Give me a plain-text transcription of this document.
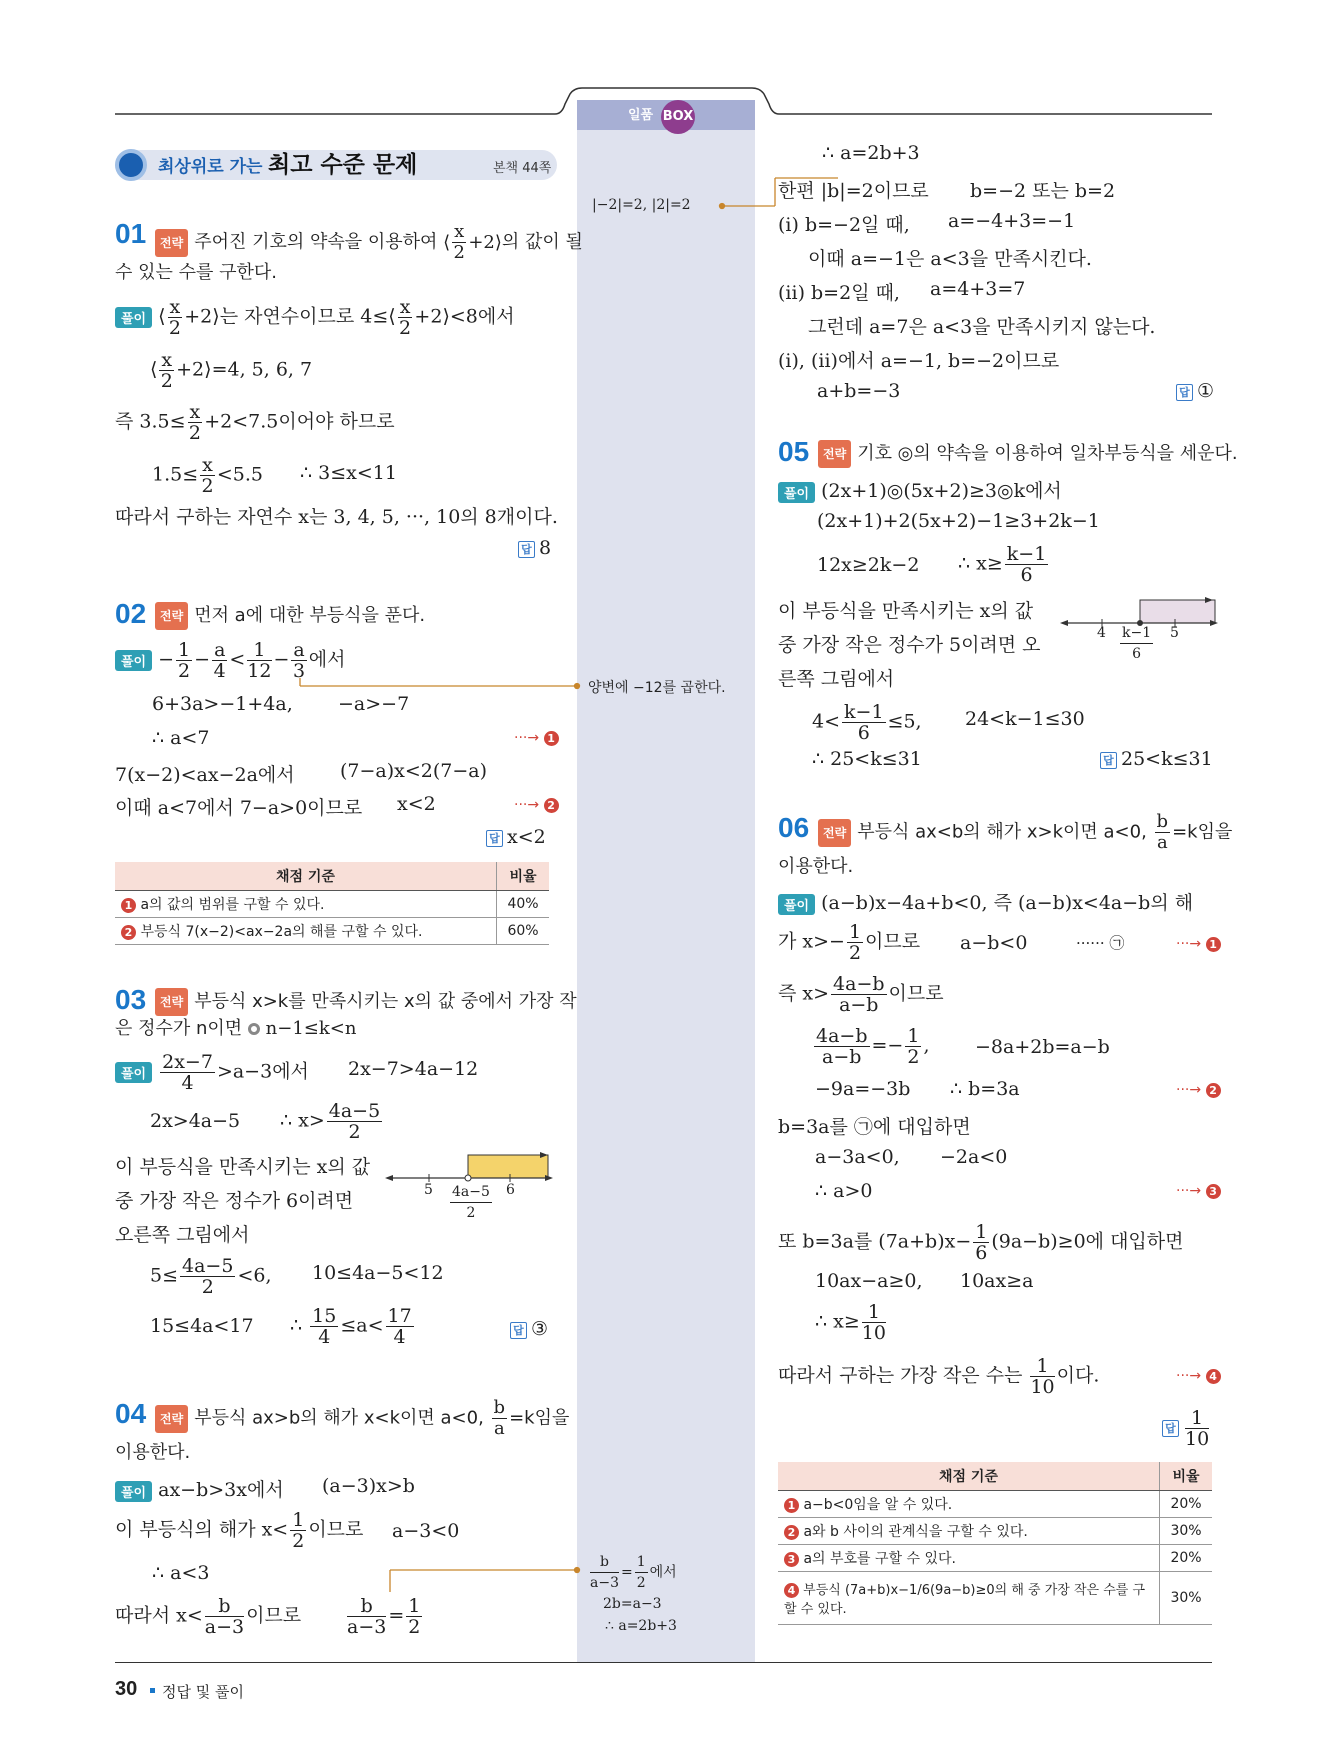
일품 BOX
최상위로 가는 최고 수준 문제	본책 44쪽
01	전략 주어진 기호의 약속을 이용하여 ⟨ $\frac{x}{2}$ +2⟩의 값이 될
수 있는 수를 구한다.
풀이 ⟨ $\frac{x}{2}$ +2⟩는 자연수이므로 4≤⟨ $\frac{x}{2}$ +2⟩<8에서
⟨ $\frac{x}{2}$ +2⟩=4, 5, 6, 7
즉 $3.5\le \frac{x}{2} +2<7.5$이어야 하므로
$1.5\le \frac{x}{2} <5.5$ ∴ 3≤x<11
따라서 구하는 자연수 x는 3, 4, 5, ···, 10의 8개이다.
답 8
02	전략 먼저 a에 대한 부등식을 푼다.
풀이 − $\frac{1}{2} - \frac{a}{4} < \frac{1}{12} - \frac{a}{3}$ 에서
6+3a>−1+4a, −a>−7
∴ a<7	···→ 1
7(x−2)<ax−2a에서 (7−a)x<2(7−a)
이때 a<7에서 7−a>0이므로 x<2	···→ 2
답 x<2
채점 기준	비율
1 a의 값의 범위를 구할 수 있다.	40%
2 부등식 7(x−2)<ax−2a의 해를 구할 수 있다.	60%
03	전략 부등식 x>k를 만족시키는 x의 값 중에서 가장 작
은 정수가 n이면 n−1≤k<n
풀이 $\frac{2x-7}{4} >a-3$에서 2x−7>4a−12
2x>4a−5 ∴ $x> \frac{4a-5}{2}$
이 부등식을 만족시키는 x의 값
중 가장 작은 정수가 6이려면
오른쪽 그림에서
5	6
$\frac{4a-5}{2}$
$5\le \frac{4a-5}{2} <6$, 10≤4a−5<12
15≤4a<17 ∴ $\frac{15}{4} \le a< \frac{17}{4}$	답 ③
04	전략 부등식 ax>b의 해가 x<k이면 a<0, $\frac{b}{a} =k$임을
이용한다.
풀이 ax−b>3x에서 (a−3)x>b
이 부등식의 해가 $x< \frac{1}{2}$ 이므로 a−3<0
∴ a<3
따라서 $x< \frac{b}{a-3}$ 이므로 $\frac{b}{a-3} = \frac{1}{2}$
|−2|=2, |2|=2
양변에 −12를 곱한다.
$\frac{b}{a-3} = \frac{1}{2}$ 에서
2b=a−3
∴ a=2b+3
∴ a=2b+3
한편 |b|=2이므로 b=−2 또는 b=2
(i) b=−2일 때, a=−4+3=−1
이때 a=−1은 a<3을 만족시킨다.
(ii) b=2일 때, a=4+3=7
그런데 a=7은 a<3을 만족시키지 않는다.
(i), (ii)에서 a=−1, b=−2이므로
a+b=−3	답 ①
05	전략 기호 ◎의 약속을 이용하여 일차부등식을 세운다.
풀이 (2x+1)◎(5x+2)≥3◎k에서
(2x+1)+2(5x+2)−1≥3+2k−1
12x≥2k−2 ∴ $x\ge \frac{k-1}{6}$
이 부등식을 만족시키는 x의 값
중 가장 작은 정수가 5이려면 오
른쪽 그림에서
4	5
$\frac{k-1}{6}$
$4< \frac{k-1}{6} \le 5$, 24<k−1≤30
∴ 25<k≤31	답 25<k≤31
06	전략 부등식 ax<b의 해가 x>k이면 a<0, $\frac{b}{a} =k$임을
이용한다.
풀이 (a−b)x−4a+b<0, 즉 (a−b)x<4a−b의 해
가 $x>- \frac{1}{2}$ 이므로 a−b<0	······ ㉠	···→ 1
즉 $x> \frac{4a-b}{a-b}$ 이므로
$\frac{4a-b}{a-b} =- \frac{1}{2}$ , −8a+2b=a−b
−9a=−3b ∴ b=3a	···→ 2
b=3a를 ㉠에 대입하면
a−3a<0, −2a<0
∴ a>0	···→ 3
또 b=3a를 $(7a+b)x- \frac{1}{6} (9a-b)\ge 0$에 대입하면
10ax−a≥0, 10ax≥a
∴ $x\ge \frac{1}{10}$
따라서 구하는 가장 작은 수는 $\frac{1}{10}$ 이다.	···→ 4
답 $\frac{1}{10}$
채점 기준	비율
1 a−b<0임을 알 수 있다.	20%
2 a와 b 사이의 관계식을 구할 수 있다.	30%
3 a의 부호를 구할 수 있다.	20%
4 부등식 (7a+b)x−1/6(9a−b)≥0의 해 중 가장 작은 수를 구할 수 있다.	30%
30 정답 및 풀이
